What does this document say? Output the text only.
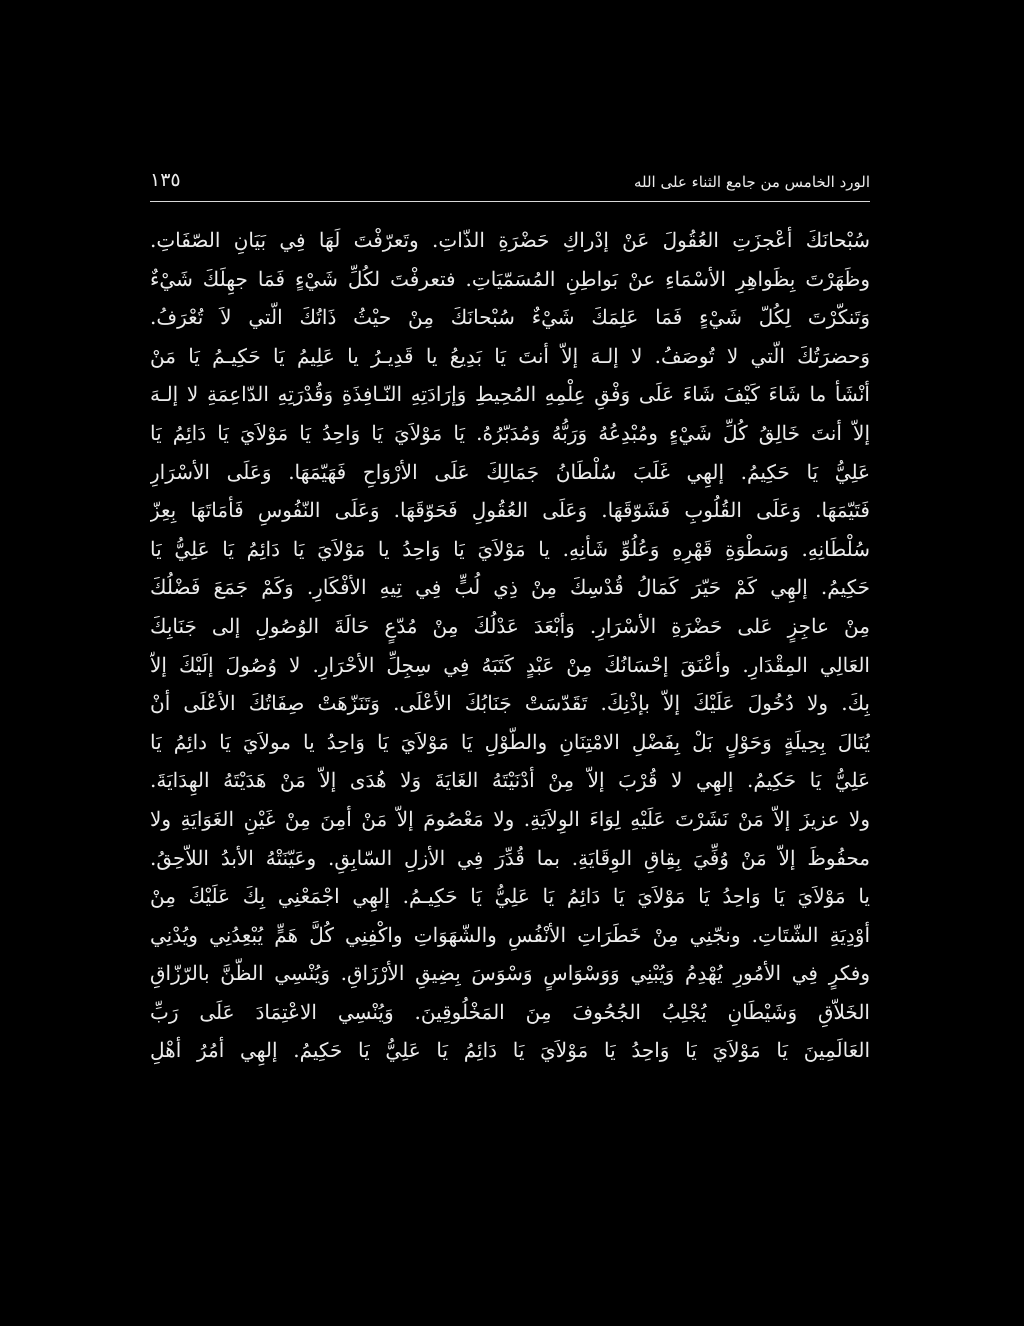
الورد الخامس من جامع الثناء على الله
١٣٥
سُبْحانَكَ أعْجزَتِ العُقُولَ عَنْ إدْراكِ حَضْرَةِ الذّاتِ. وتَعرّفْتَ لَهَا فِي بَيَانِ الصّفَاتِ.
وظَهَرْتَ بِظَواهِرِ الأسْمَاءِ عنْ بَواطِنِ المُسَمّيَاتِ. فتعرفْتَ لكُلِّ شَيْءٍ فَمَا جهِلَكَ شَيْءٌ
وَتَنكّرْتَ لِكُلّ شَيْءٍ فَمَا عَلِمَكَ شَيْءٌ سُبْحانَكَ مِنْ حيْثُ ذَاتُكَ الّتي لاَ تُعْرَفُ.
وَحضرَتُكَ الّتي لا تُوصَفُ. لا إلـهَ إلاّ أنتَ يَا بَدِيعُ يا قَدِيـرُ يا عَلِيمُ يَا حَكِيـمُ يَا مَنْ
أنْشَأ ما شَاءَ كَيْفَ شَاءَ عَلَى وَفْقِ عِلْمِهِ المُحِيطِ وَإرَادَتِهِ النّـافِذَةِ وَقُدْرَتِهِ الدّاعِمَةِ لا إلـهَ
إلاّ أنتَ خَالِقُ كُلِّ شَيْءٍ ومُبْدِعُهُ وَرَبُّهُ وَمُدَبّرُهُ. يَا مَوْلاَيَ يَا وَاحِدُ يَا مَوْلاَيَ يَا دَائِمُ يَا
عَلِيُّ يَا حَكِيمُ. إلهِي غَلَبَ سُلْطَانُ جَمَالِكَ عَلَى الأرْوَاحِ فَهَيّمَهَا. وَعَلَى الأسْرَارِ
فَتَيّمَهَا. وَعَلَى القُلُوبِ فَشَوّقَهَا. وَعَلَى العُقُولِ فَحَوّقَهَا. وَعَلَى النّفُوسِ فَأمَاتَهَا بِعِزّ
سُلْطَانِهِ. وَسَطْوَةِ قَهْرِهِ وَعُلُوِّ شَأنِهِ. يا مَوْلاَيَ يَا وَاحِدُ يا مَوْلاَيَ يَا دَائِمُ يَا عَلِيُّ يَا
حَكِيمُ. إلهِي كَمْ حَيّرَ كَمَالُ قُدْسِكَ مِنْ ذِي لُبٍّ فِي تِيهِ الأفْكَارِ. وَكَمْ جَمَعَ فَضْلُكَ
مِنْ عاجِزٍ عَلى حَضْرَةِ الأسْرَارِ. وَأبْعَدَ عَدْلُكَ مِنْ مُدّعٍ حَالَةَ الوُصُولِ إلى جَنَابِكَ
العَالِي المِقْدَارِ. وأعْنَقَ إحْسَانُكَ مِنْ عَبْدٍ كَتَبَهُ فِي سِجِلِّ الأحْرَارِ. لا وُصُولَ إلَيْكَ إلاّ
بِكَ. ولا دُخُولَ عَلَيْكَ إلاّ بإذْنِكَ. تَقَدّسَتْ جَنَابُكَ الأعْلَى. وَتَنَزّهَتْ صِفَاتُكَ الأعْلَى أنْ
يُنَالَ بِحِيلَةٍ وَحَوْلٍ بَلْ بِفَضْلِ الامْتِنَانِ والطّوْلِ يَا مَوْلاَيَ يَا وَاحِدُ يا مولاَيَ يَا دائِمُ يَا
عَلِيُّ يَا حَكِيمُ. إلهِي لا قُرْبَ إلاّ مِنْ أدْنَيْتَهُ الغَايَةَ وَلا هُدَى إلاّ مَنْ هَدَيْتَهُ الهِدَايَةَ.
ولا عزيزَ إلاّ مَنْ نَشَرْتَ عَلَيْهِ لِوَاءَ الوِلاَيَةِ. ولا مَعْصُومَ إلاّ مَنْ أمِنَ مِنْ غَيْنِ الغَوَايَةِ ولا
محفُوظَ إلاّ مَنْ وُفِّيَ بِقِاقِ الوِقَايَةِ. بما قُدِّرَ فِي الأزلِ السّابِقِ. وعَيّنَتْهُ الأبدُ اللاّحِقُ.
يا مَوْلاَيَ يَا وَاحِدُ يَا مَوْلاَيَ يَا دَائِمُ يَا عَلِيُّ يَا حَكِيـمُ. إلهِي اجْمَعْنِي بِكَ عَلَيْكَ مِنْ
أوْدِيَةِ الشّتَاتِ. ونجّنِي مِنْ خَطَرَاتِ الأنْفُسِ والشّهَوَاتِ واكْفِنِي كُلَّ هَمٍّ يُبْعِدُنِي ويُدْنِي
وفكرٍ فِي الأمُورِ يُهْدِمُ وَيُبْنِي وَوَسْوَاسٍ وَسْوَسَ بِضِيقِ الأرْزَاقِ. وَيُنْسِي الظّنَّ بالرّزّاقِ
الخَلاّقِ وَشَيْطَانِ يُجْلِبُ الجُحُوفَ مِنَ المَخْلُوقِينَ. وَيُنْسِي الاعْتِمَادَ عَلَى رَبِّ
العَالَمِينَ يَا مَوْلاَيَ يَا وَاحِدُ يَا مَوْلاَيَ يَا دَائِمُ يَا عَلِيُّ يَا حَكِيمُ. إلهِي أمُرُ أهْلِ
